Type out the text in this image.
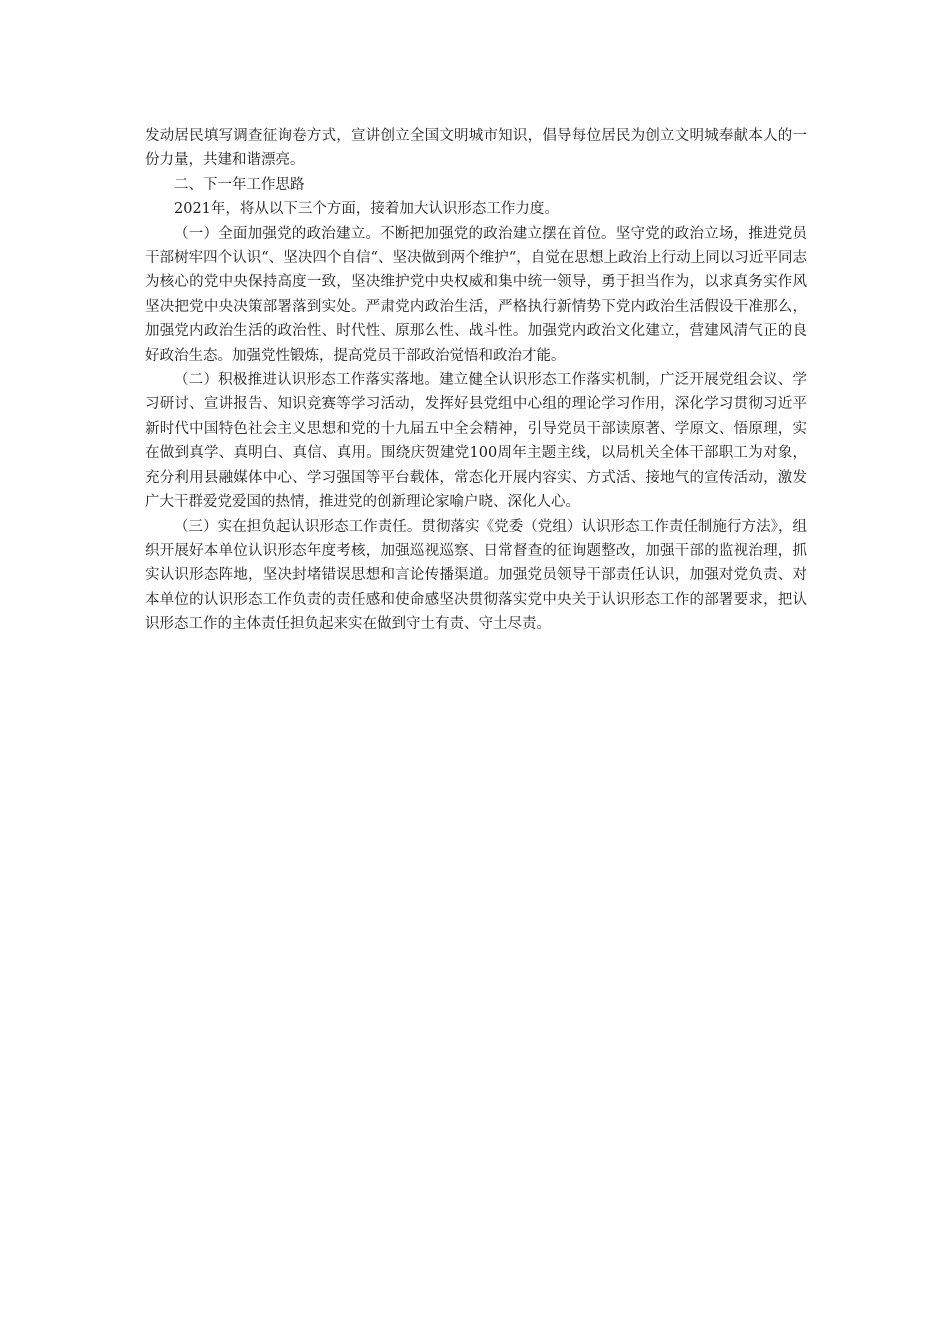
发动居民填写调查征询卷方式，宣讲创立全国文明城市知识，倡导每位居民为创立文明城奉献本人的一份力量，共建和谐漂亮。

二、下一年工作思路

2021年，将从以下三个方面，接着加大认识形态工作力度。

（一）全面加强党的政治建立。不断把加强党的政治建立摆在首位。坚守党的政治立场，推进党员干部树牢四个认识“、坚决四个自信“、坚决做到两个维护“，自觉在思想上政治上行动上同以习近平同志为核心的党中央保持高度一致，坚决维护党中央权威和集中统一领导，勇于担当作为，以求真务实作风坚决把党中央决策部署落到实处。严肃党内政治生活，严格执行新情势下党内政治生活假设干准那么，加强党内政治生活的政治性、时代性、原那么性、战斗性。加强党内政治文化建立，营建风清气正的良好政治生态。加强党性锻炼，提高党员干部政治觉悟和政治才能。

（二）积极推进认识形态工作落实落地。建立健全认识形态工作落实机制，广泛开展党组会议、学习研讨、宣讲报告、知识竞赛等学习活动，发挥好县党组中心组的理论学习作用，深化学习贯彻习近平新时代中国特色社会主义思想和党的十九届五中全会精神，引导党员干部读原著、学原文、悟原理，实在做到真学、真明白、真信、真用。围绕庆贺建党100周年主题主线，以局机关全体干部职工为对象，充分利用县融媒体中心、学习强国等平台载体，常态化开展内容实、方式活、接地气的宣传活动，激发广大干群爱党爱国的热情，推进党的创新理论家喻户晓、深化人心。

（三）实在担负起认识形态工作责任。贯彻落实《党委（党组）认识形态工作责任制施行方法》，组织开展好本单位认识形态年度考核，加强巡视巡察、日常督查的征询题整改，加强干部的监视治理，抓实认识形态阵地，坚决封堵错误思想和言论传播渠道。加强党员领导干部责任认识，加强对党负责、对本单位的认识形态工作负责的责任感和使命感坚决贯彻落实党中央关于认识形态工作的部署要求，把认识形态工作的主体责任担负起来实在做到守土有责、守土尽责。
